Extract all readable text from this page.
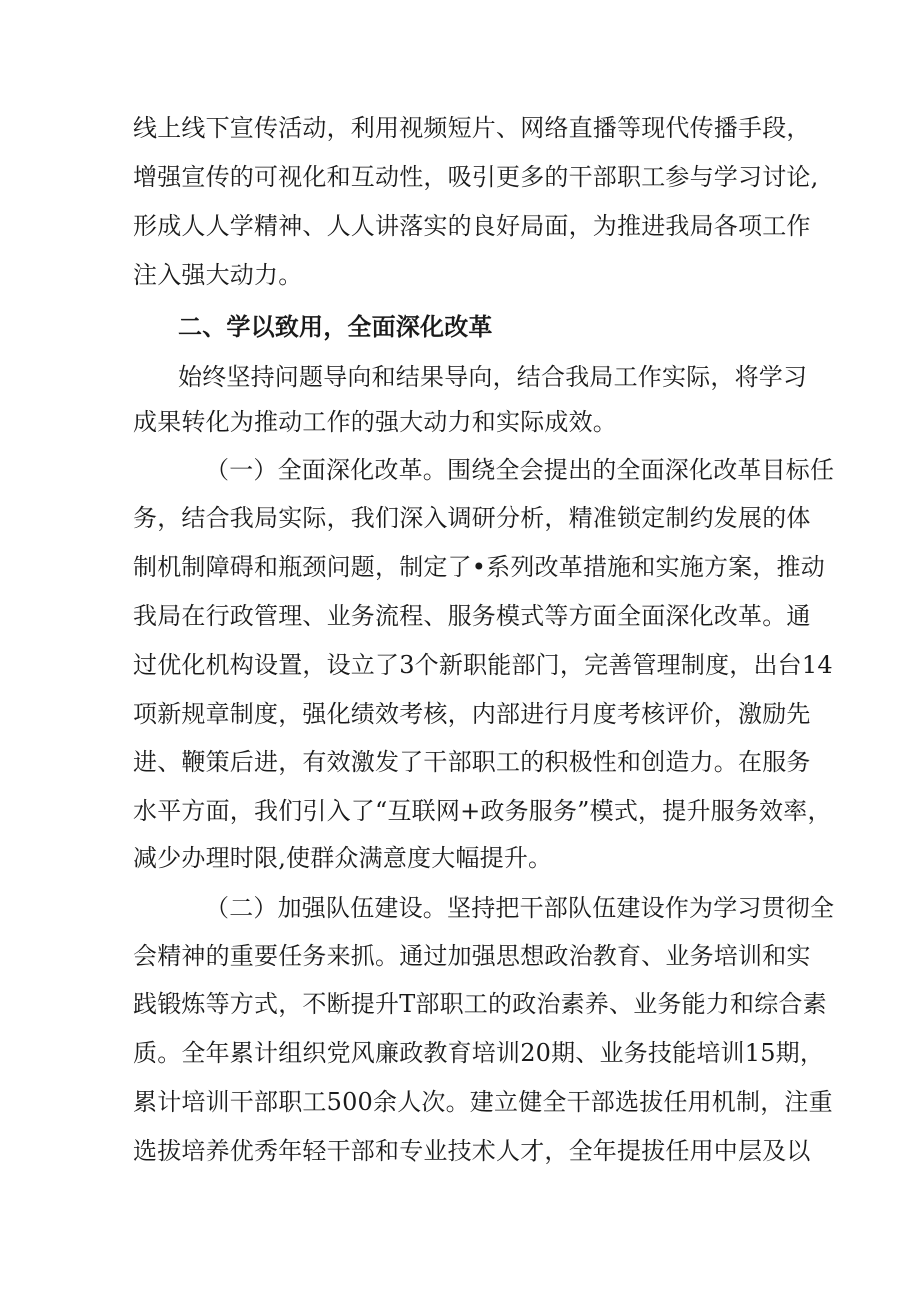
线上线下宣传活动，利用视频短片、网络直播等现代传播手段，
增强宣传的可视化和互动性，吸引更多的干部职工参与学习讨论,
形成人人学精神、人人讲落实的良好局面，为推进我局各项工作
注入强大动力。
二、学以致用，全面深化改革
始终坚持问题导向和结果导向，结合我局工作实际，将学习
成果转化为推动工作的强大动力和实际成效。
（一）全面深化改革。围绕全会提出的全面深化改革目标任
务，结合我局实际，我们深入调研分析，精准锁定制约发展的体
制机制障碍和瓶颈问题，制定了•系列改革措施和实施方案，推动
我局在行政管理、业务流程、服务模式等方面全面深化改革。通
过优化机构设置，设立了3个新职能部门，完善管理制度，出台14
项新规章制度，强化绩效考核，内部进行月度考核评价，激励先
进、鞭策后进，有效激发了干部职工的积极性和创造力。在服务
水平方面，我们引入了“互联网+政务服务”模式，提升服务效率，
减少办理时限,使群众满意度大幅提升。
（二）加强队伍建设。坚持把干部队伍建设作为学习贯彻全
会精神的重要任务来抓。通过加强思想政治教育、业务培训和实
践锻炼等方式，不断提升T部职工的政治素养、业务能力和综合素
质。全年累计组织党风廉政教育培训20期、业务技能培训15期，
累计培训干部职工500余人次。建立健全干部选拔任用机制，注重
选拔培养优秀年轻干部和专业技术人才，全年提拔任用中层及以
